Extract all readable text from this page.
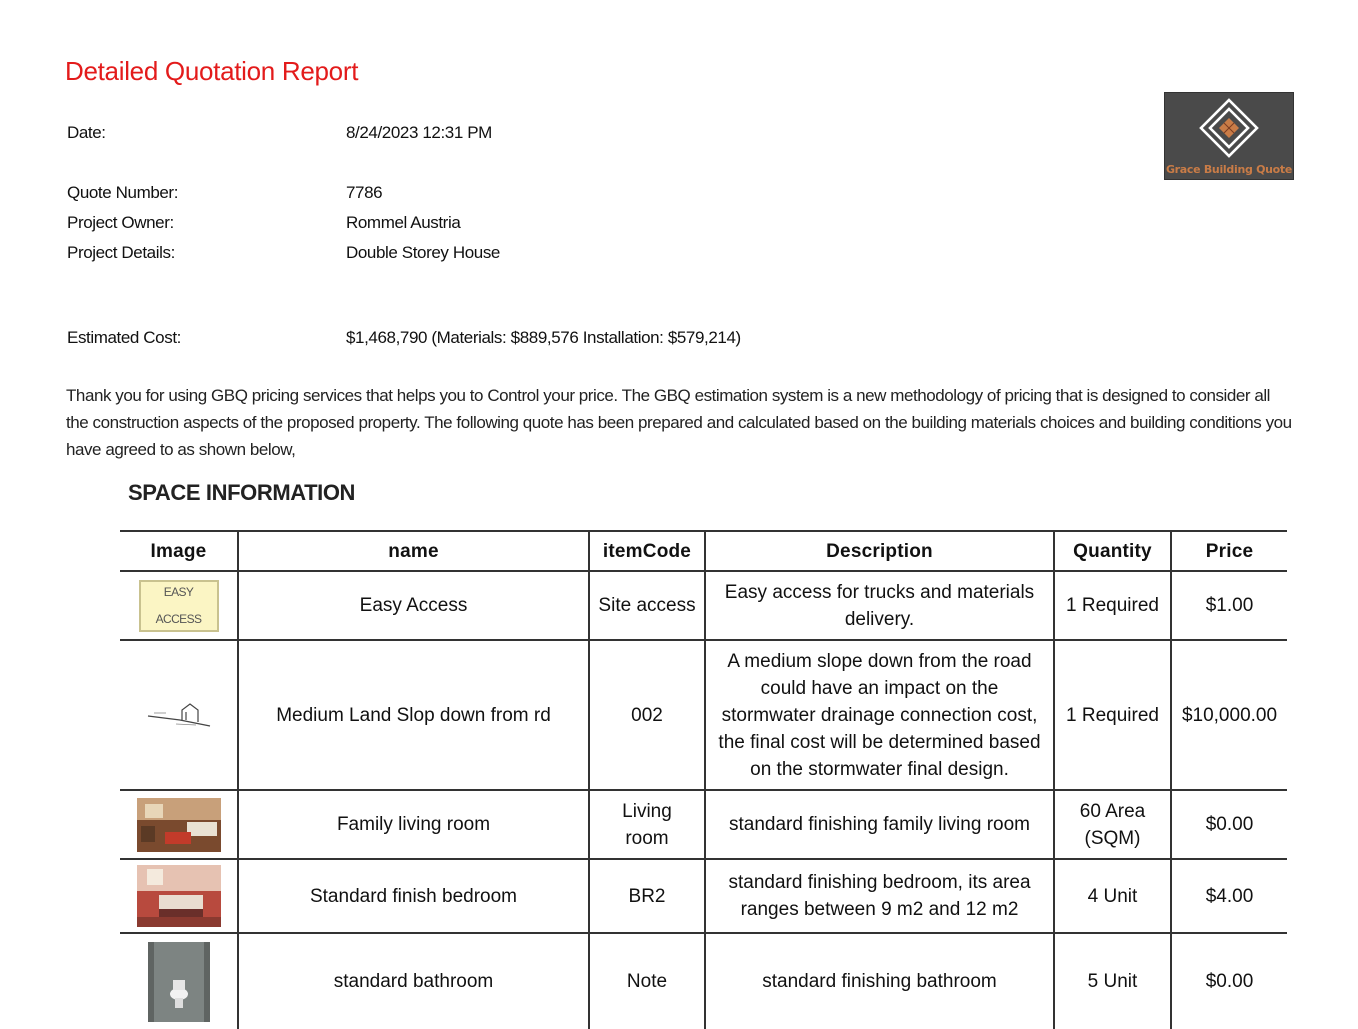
Detailed Quotation Report
Grace Building Quote
Date:	8/24/2023 12:31 PM
Quote Number:	7786
Project Owner:	Rommel Austria
Project Details:	Double Storey House
Estimated Cost:	$1,468,790 (Materials: $889,576 Installation: $579,214)

Thank you for using GBQ pricing services that helps you to Control your price. The GBQ estimation system is a new methodology of pricing that is designed to consider all the construction aspects of the proposed property. The following quote has been prepared and calculated based on the building materials choices and building conditions you have agreed to as shown below,

SPACE INFORMATION
Image	name	itemCode	Description	Quantity	Price

EASY ACCESS	Easy Access	Site access	Easy access for trucks and materials delivery.	1 Required	$1.00

	Medium Land Slop down from rd	002	A medium slope down from the road could have an impact on the stormwater drainage connection cost, the final cost will be determined based on the stormwater final design.	1 Required	$10,000.00

	Family living room	Living room	standard finishing family living room	60 Area (SQM)	$0.00

	Standard finish bedroom	BR2	standard finishing bedroom, its area ranges between 9 m2 and 12 m2	4 Unit	$4.00

	standard bathroom	Note	standard finishing bathroom	5 Unit	$0.00
